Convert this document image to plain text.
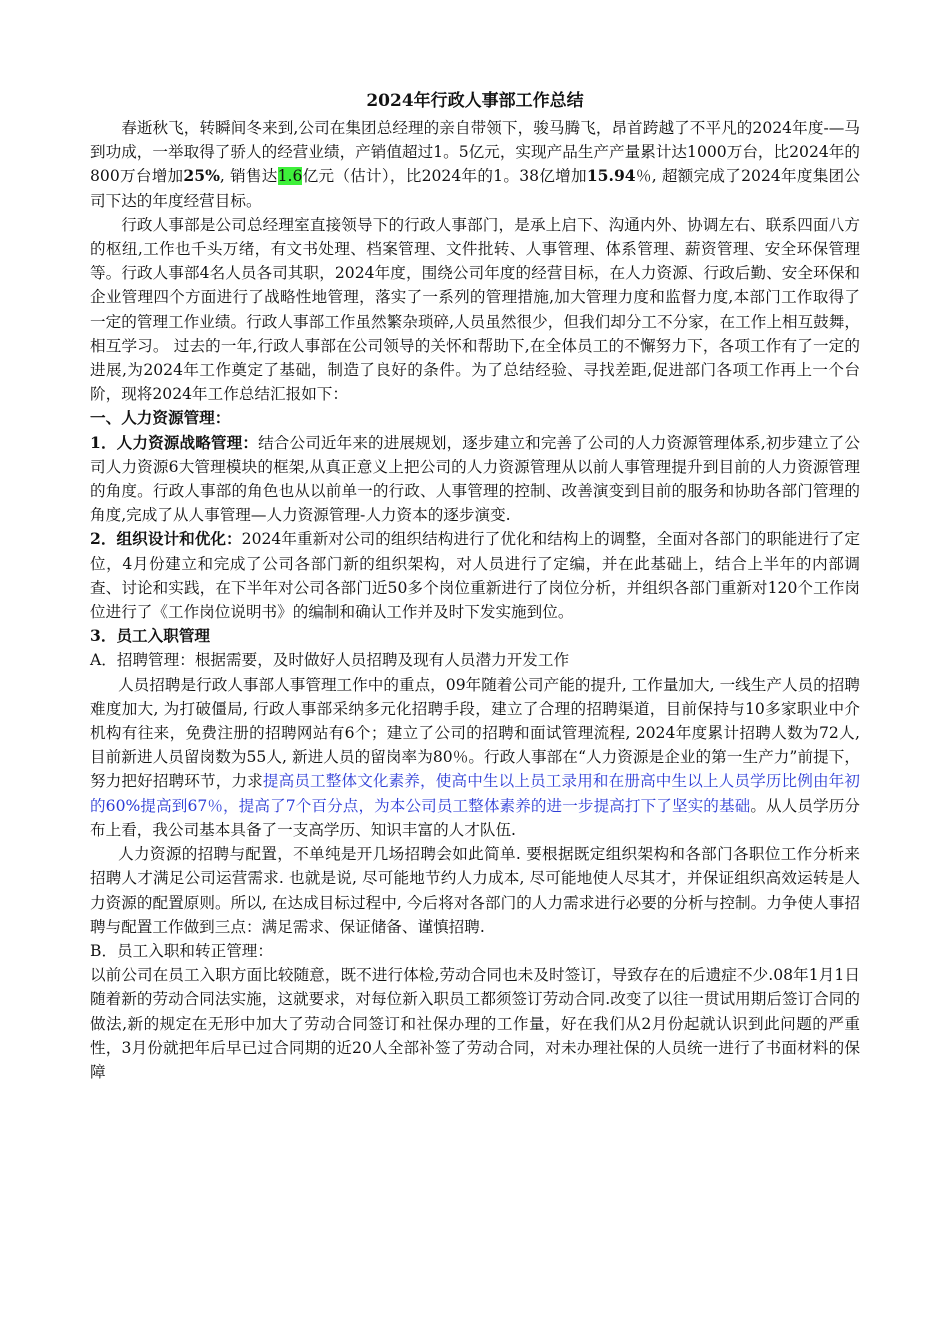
2024年行政人事部工作总结

春逝秋飞，转瞬间冬来到,公司在集团总经理的亲自带领下，骏马腾飞，昂首跨越了不平凡的2024年度-—马到功成，一举取得了骄人的经营业绩，产销值超过1。5亿元，实现产品生产产量累计达1000万台，比2024年的800万台增加25%, 销售达1.6亿元（估计），比2024年的1。38亿增加15.94％, 超额完成了2024年度集团公司下达的年度经营目标。

行政人事部是公司总经理室直接领导下的行政人事部门，是承上启下、沟通内外、协调左右、联系四面八方的枢纽,工作也千头万绪，有文书处理、档案管理、文件批转、人事管理、体系管理、薪资管理、安全环保管理等。行政人事部4名人员各司其职，2024年度，围绕公司年度的经营目标，在人力资源、行政后勤、安全环保和企业管理四个方面进行了战略性地管理，落实了一系列的管理措施,加大管理力度和监督力度,本部门工作取得了一定的管理工作业绩。行政人事部工作虽然繁杂琐碎,人员虽然很少，但我们却分工不分家，在工作上相互鼓舞，相互学习。 过去的一年,行政人事部在公司领导的关怀和帮助下,在全体员工的不懈努力下，各项工作有了一定的进展,为2024年工作奠定了基础，制造了良好的条件。为了总结经验、寻找差距,促进部门各项工作再上一个台阶，现将2024年工作总结汇报如下：

一、人力资源管理：

1．人力资源战略管理：结合公司近年来的进展规划，逐步建立和完善了公司的人力资源管理体系,初步建立了公司人力资源6大管理模块的框架,从真正意义上把公司的人力资源管理从以前人事管理提升到目前的人力资源管理的角度。行政人事部的角色也从以前单一的行政、人事管理的控制、改善演变到目前的服务和协助各部门管理的角度,完成了从人事管理—人力资源管理-人力资本的逐步演变.

2．组织设计和优化：2024年重新对公司的组织结构进行了优化和结构上的调整，全面对各部门的职能进行了定位，4月份建立和完成了公司各部门新的组织架构，对人员进行了定编，并在此基础上，结合上半年的内部调查、讨论和实践，在下半年对公司各部门近50多个岗位重新进行了岗位分析，并组织各部门重新对120个工作岗位进行了《工作岗位说明书》的编制和确认工作并及时下发实施到位。

3．员工入职管理

A．招聘管理：根据需要，及时做好人员招聘及现有人员潜力开发工作

人员招聘是行政人事部人事管理工作中的重点，09年随着公司产能的提升, 工作量加大, 一线生产人员的招聘难度加大, 为打破僵局, 行政人事部采纳多元化招聘手段，建立了合理的招聘渠道，目前保持与10多家职业中介机构有往来，免费注册的招聘网站有6个；建立了公司的招聘和面试管理流程, 2024年度累计招聘人数为72人, 目前新进人员留岗数为55人, 新进人员的留岗率为80％。行政人事部在“人力资源是企业的第一生产力”前提下，努力把好招聘环节，力求提高员工整体文化素养，使高中生以上员工录用和在册高中生以上人员学历比例由年初的60%提高到67％，提高了7个百分点，为本公司员工整体素养的进一步提高打下了坚实的基础。从人员学历分布上看，我公司基本具备了一支高学历、知识丰富的人才队伍.

人力资源的招聘与配置，不单纯是开几场招聘会如此简单. 要根据既定组织架构和各部门各职位工作分析来招聘人才满足公司运营需求. 也就是说, 尽可能地节约人力成本, 尽可能地使人尽其才，并保证组织高效运转是人力资源的配置原则。所以, 在达成目标过程中, 今后将对各部门的人力需求进行必要的分析与控制。力争使人事招聘与配置工作做到三点：满足需求、保证储备、谨慎招聘.

B．员工入职和转正管理：

以前公司在员工入职方面比较随意，既不进行体检,劳动合同也未及时签订，导致存在的后遗症不少.08年1月1日随着新的劳动合同法实施，这就要求，对每位新入职员工都须签订劳动合同.改变了以往一贯试用期后签订合同的做法,新的规定在无形中加大了劳动合同签订和社保办理的工作量，好在我们从2月份起就认识到此问题的严重性，3月份就把年后早已过合同期的近20人全部补签了劳动合同，对未办理社保的人员统一进行了书面材料的保障
